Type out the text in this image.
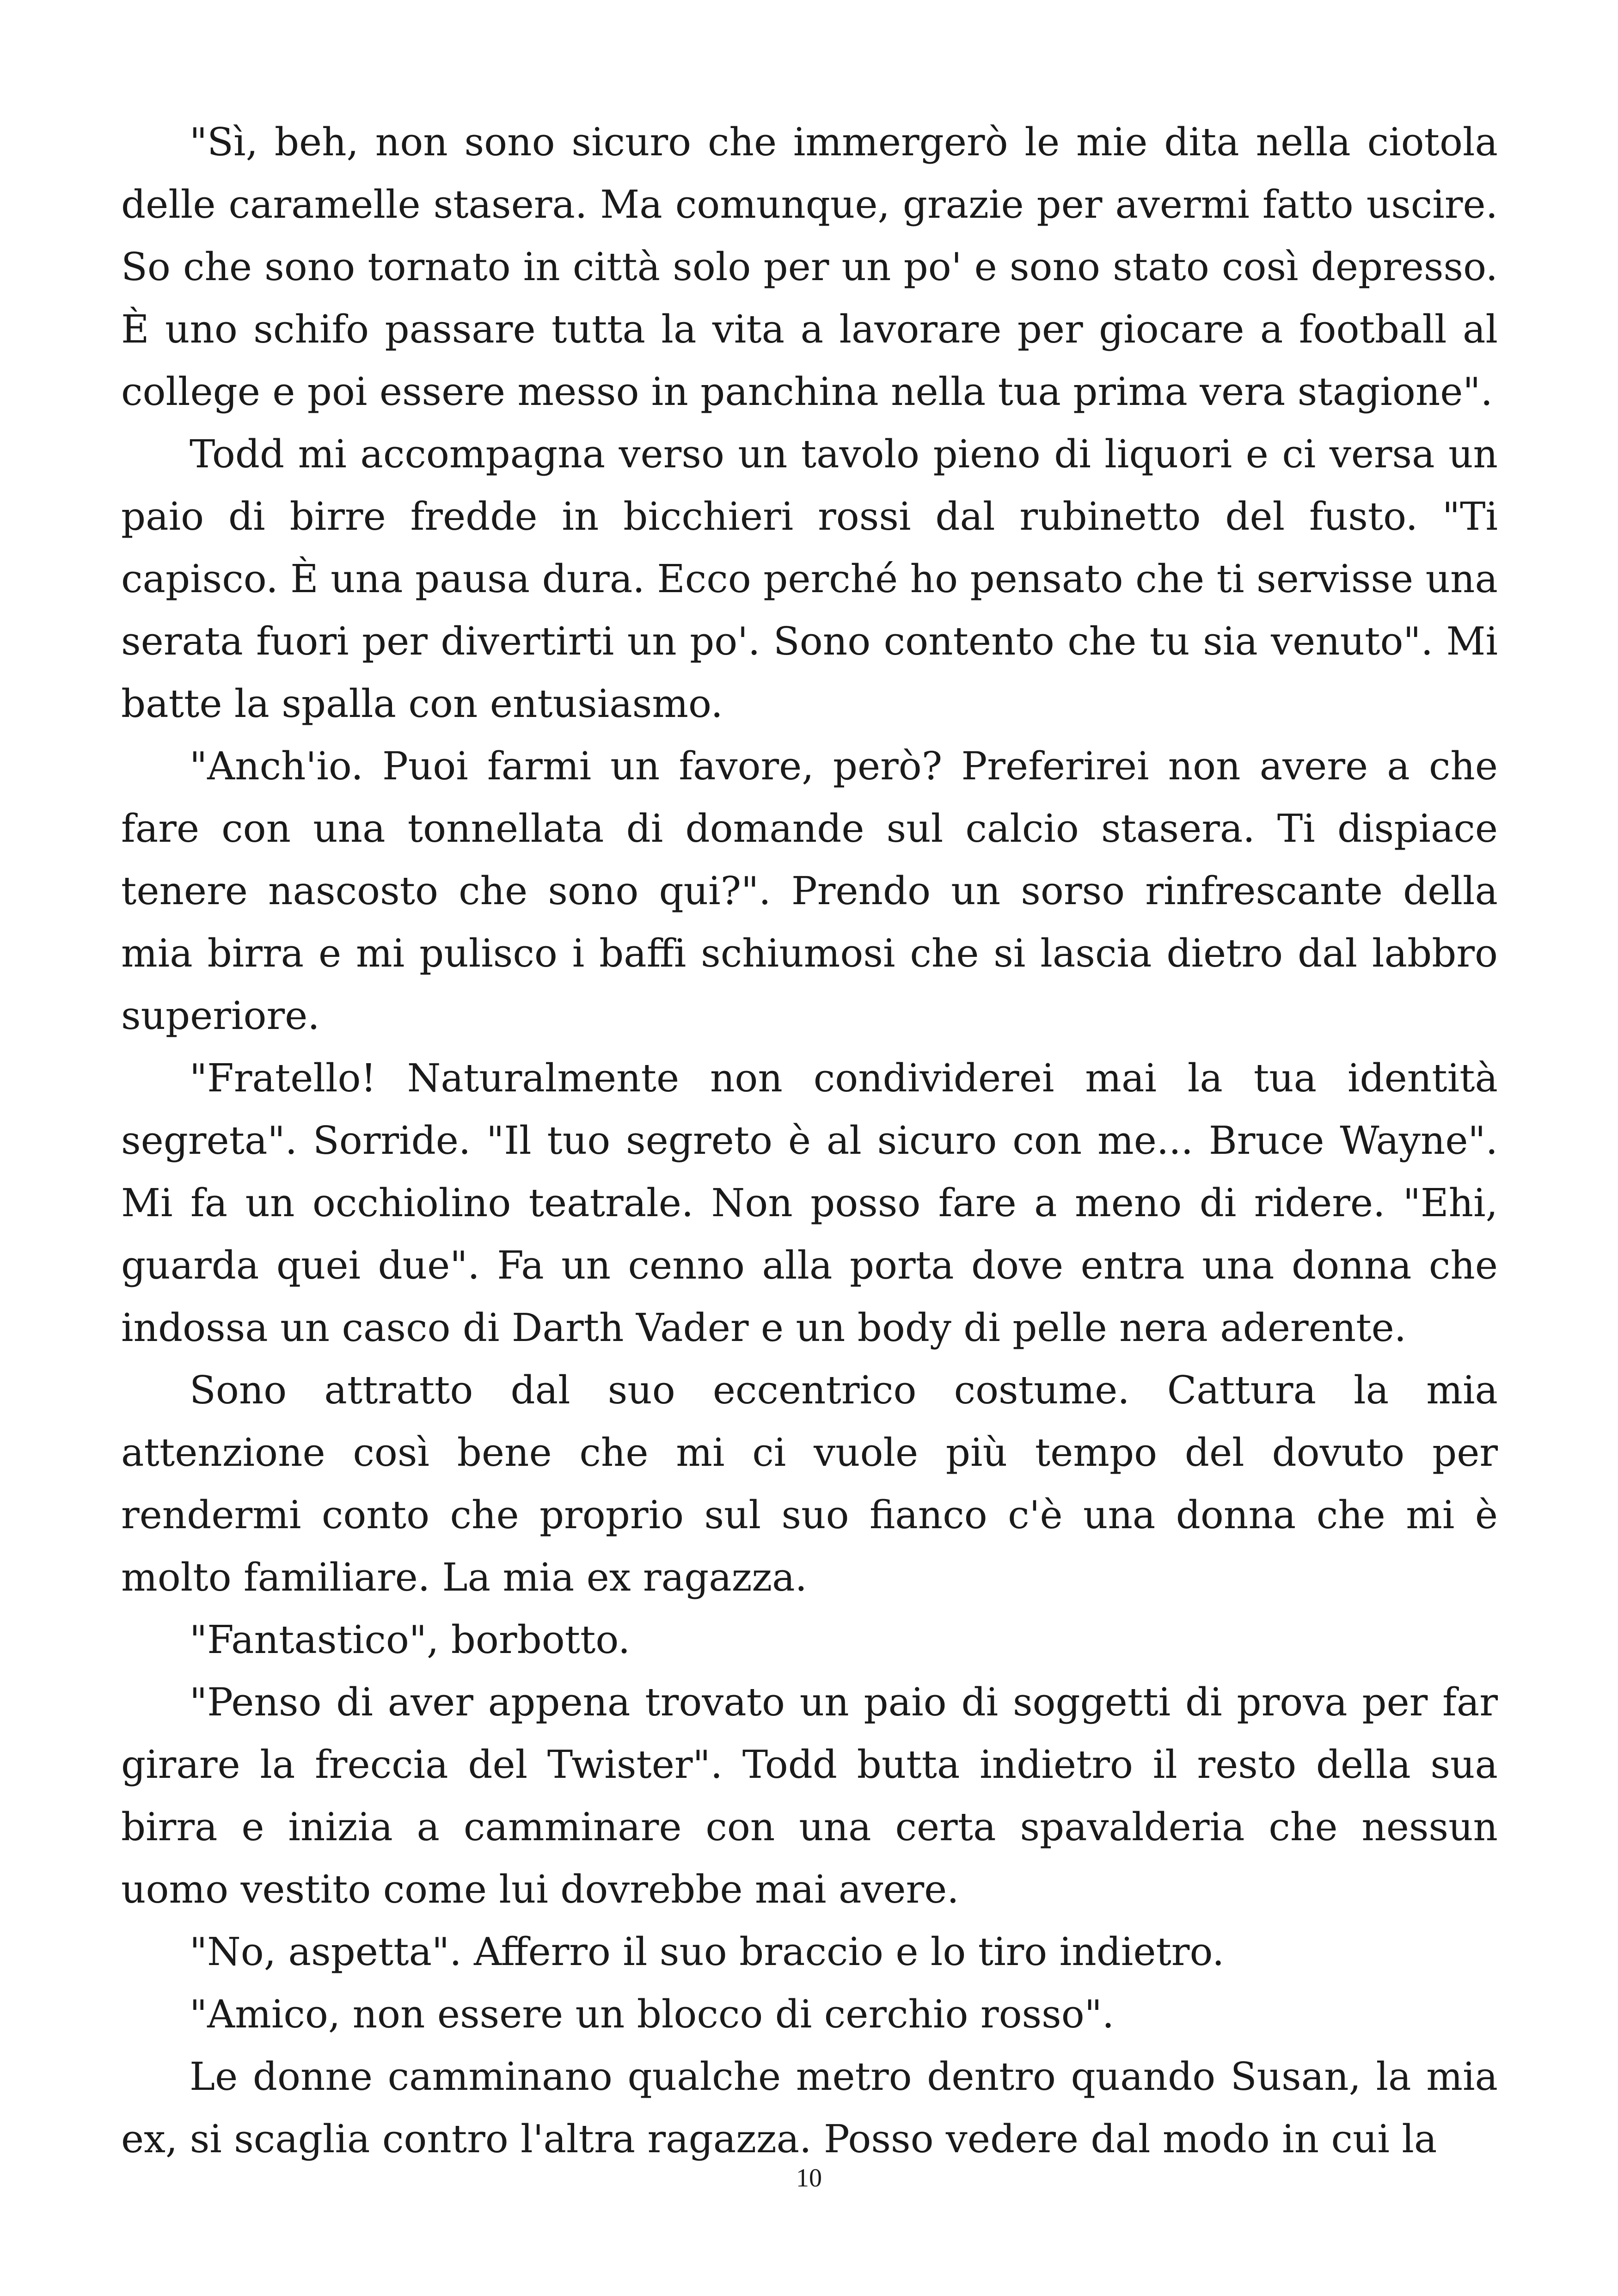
"Sì, beh, non sono sicuro che immergerò le mie dita nella ciotola delle caramelle stasera. Ma comunque, grazie per avermi fatto uscire. So che sono tornato in città solo per un po' e sono stato così depresso. È uno schifo passare tutta la vita a lavorare per giocare a football al college e poi essere messo in panchina nella tua prima vera stagione".

Todd mi accompagna verso un tavolo pieno di liquori e ci versa un paio di birre fredde in bicchieri rossi dal rubinetto del fusto. "Ti capisco. È una pausa dura. Ecco perché ho pensato che ti servisse una serata fuori per divertirti un po'. Sono contento che tu sia venuto". Mi batte la spalla con entusiasmo.

"Anch'io. Puoi farmi un favore, però? Preferirei non avere a che fare con una tonnellata di domande sul calcio stasera. Ti dispiace tenere nascosto che sono qui?". Prendo un sorso rinfrescante della mia birra e mi pulisco i baffi schiumosi che si lascia dietro dal labbro superiore.

"Fratello! Naturalmente non condividerei mai la tua identità segreta". Sorride. "Il tuo segreto è al sicuro con me... Bruce Wayne". Mi fa un occhiolino teatrale. Non posso fare a meno di ridere. "Ehi, guarda quei due". Fa un cenno alla porta dove entra una donna che indossa un casco di Darth Vader e un body di pelle nera aderente.

Sono attratto dal suo eccentrico costume. Cattura la mia attenzione così bene che mi ci vuole più tempo del dovuto per rendermi conto che proprio sul suo fianco c'è una donna che mi è molto familiare. La mia ex ragazza.

"Fantastico", borbotto.

"Penso di aver appena trovato un paio di soggetti di prova per far girare la freccia del Twister". Todd butta indietro il resto della sua birra e inizia a camminare con una certa spavalderia che nessun uomo vestito come lui dovrebbe mai avere.

"No, aspetta". Afferro il suo braccio e lo tiro indietro.

"Amico, non essere un blocco di cerchio rosso".

Le donne camminano qualche metro dentro quando Susan, la mia ex, si scaglia contro l'altra ragazza. Posso vedere dal modo in cui la

10
